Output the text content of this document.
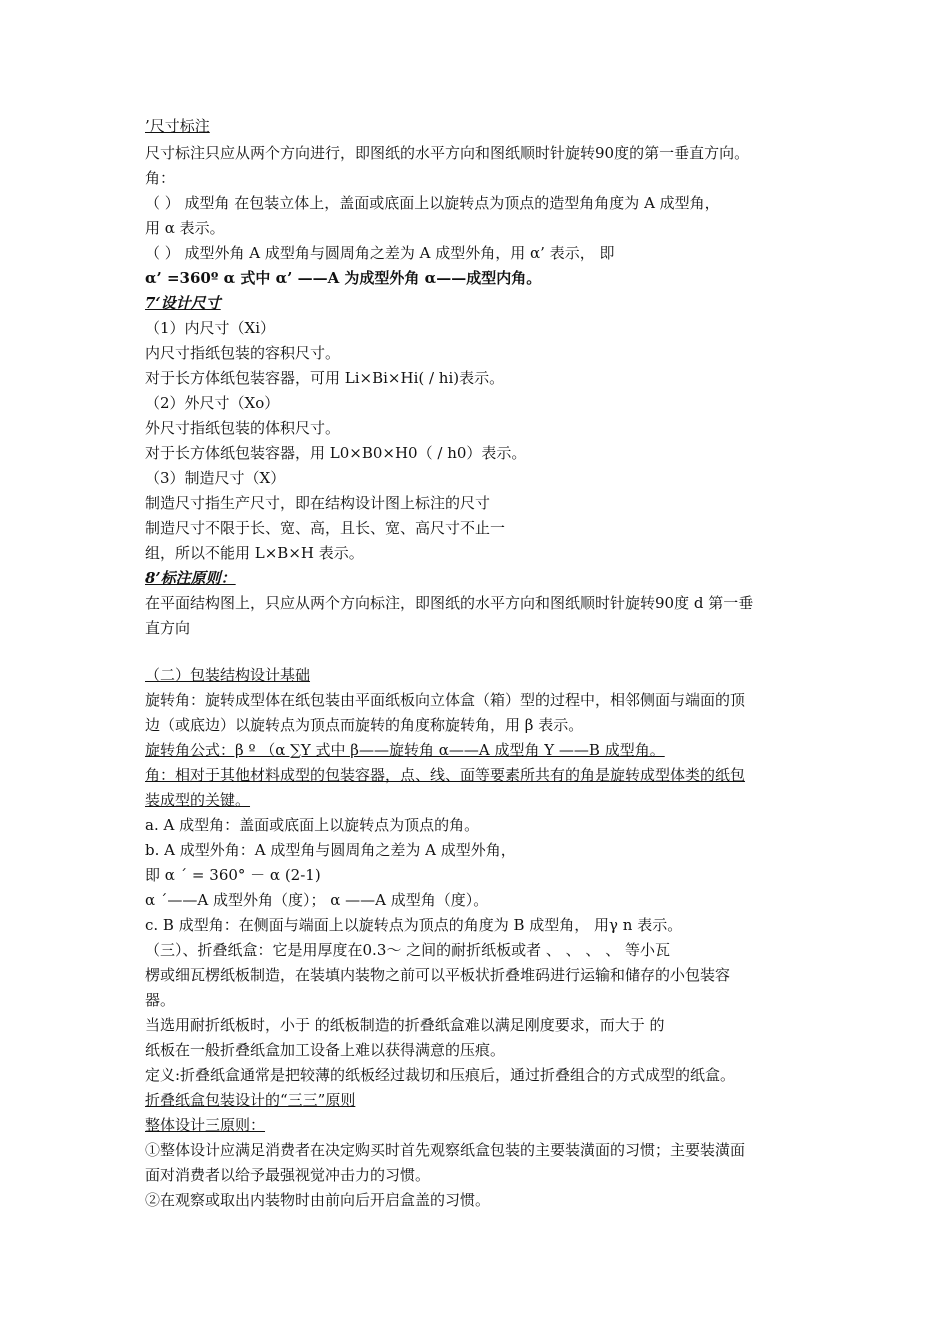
’尺寸标注
尺寸标注只应从两个方向进行，即图纸的水平方向和图纸顺时针旋转90度的第一垂直方向。
角：
（ ） 成型角 在包装立体上，盖面或底面上以旋转点为顶点的造型角角度为 A 成型角，
用 α 表示。
（ ） 成型外角 A 成型角与圆周角之差为 A 成型外角，用 α’ 表示， 即
α’ =360º α 式中 α’ ——A 为成型外角 α——成型内角。
7‘设计尺寸
（1）内尺寸（Xi）
内尺寸指纸包装的容积尺寸。
对于长方体纸包装容器，可用 Li×Bi×Hi( / hi)表示。
（2）外尺寸（Xo）
外尺寸指纸包装的体积尺寸。
对于长方体纸包装容器，用 L0×B0×H0（ / h0）表示。
（3）制造尺寸（X）
制造尺寸指生产尺寸，即在结构设计图上标注的尺寸
制造尺寸不限于长、宽、高，且长、宽、高尺寸不止一
组，所以不能用 L×B×H 表示。
8’标注原则：
在平面结构图上，只应从两个方向标注，即图纸的水平方向和图纸顺时针旋转90度 d 第一垂
直方向
（二）包装结构设计基础
旋转角：旋转成型体在纸包装由平面纸板向立体盒（箱）型的过程中，相邻侧面与端面的顶
边（或底边）以旋转点为顶点而旋转的角度称旋转角，用 β 表示。
旋转角公式：β º （α ∑Υ 式中 β——旋转角 α——A 成型角 Υ ——B 成型角。
角：相对于其他材料成型的包装容器，点、线、面等要素所共有的角是旋转成型体类的纸包
装成型的关键。
a. A 成型角：盖面或底面上以旋转点为顶点的角。
b. A 成型外角：A 成型角与圆周角之差为 A 成型外角，
即 α ´ = 360° － α (2-1)
α ´——A 成型外角（度）； α ——A 成型角（度）。
c. B 成型角：在侧面与端面上以旋转点为顶点的角度为 B 成型角， 用γ n 表示。
（三）、折叠纸盒：它是用厚度在0.3～ 之间的耐折纸板或者 、 、 、 、 等小瓦
楞或细瓦楞纸板制造，在装填内装物之前可以平板状折叠堆码进行运输和储存的小包装容
器。
当选用耐折纸板时，小于 的纸板制造的折叠纸盒难以满足刚度要求，而大于 的
纸板在一般折叠纸盒加工设备上难以获得满意的压痕。
定义:折叠纸盒通常是把较薄的纸板经过裁切和压痕后，通过折叠组合的方式成型的纸盒。
折叠纸盒包装设计的“三三”原则
整体设计三原则：
①整体设计应满足消费者在决定购买时首先观察纸盒包装的主要装潢面的习惯；主要装潢面
面对消费者以给予最强视觉冲击力的习惯。
②在观察或取出内装物时由前向后开启盒盖的习惯。
